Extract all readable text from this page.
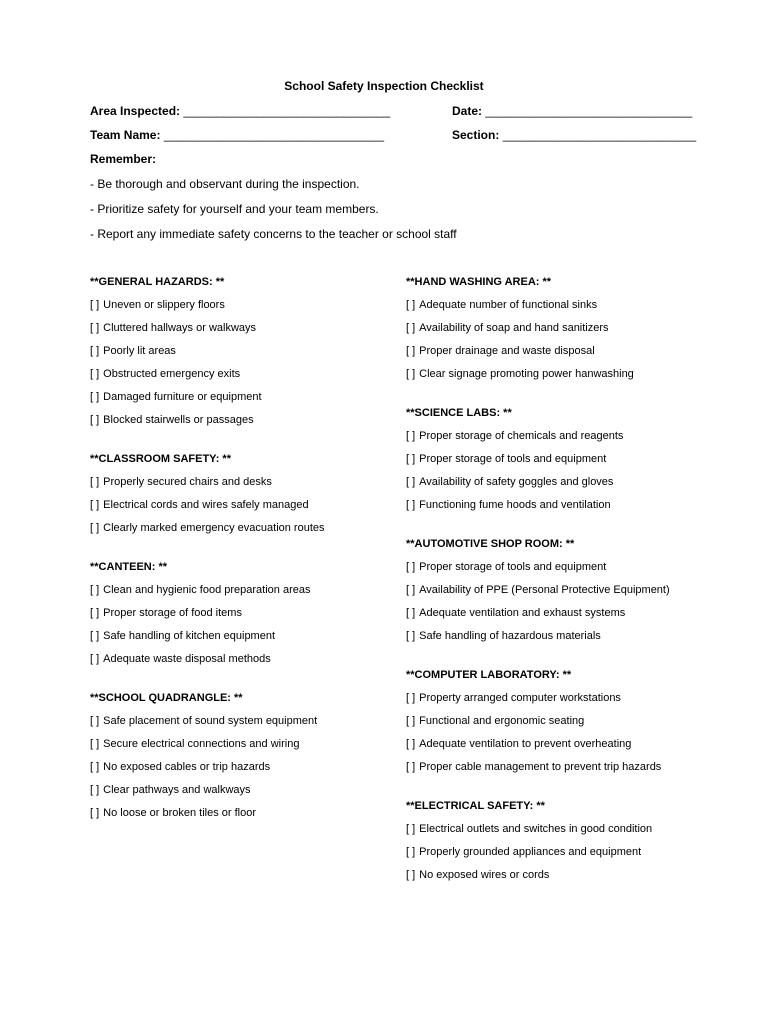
School Safety Inspection Checklist
Area Inspected: _______________________________	Date: _______________________________
Team Name: _________________________________	Section: _____________________________
Remember:
- Be thorough and observant during the inspection.
- Prioritize safety for yourself and your team members.
- Report any immediate safety concerns to the teacher or school staff
**GENERAL HAZARDS: **
[ ] Uneven or slippery floors
[ ] Cluttered hallways or walkways
[ ] Poorly lit areas
[ ] Obstructed emergency exits
[ ] Damaged furniture or equipment
[ ] Blocked stairwells or passages
**CLASSROOM SAFETY: **
[ ] Properly secured chairs and desks
[ ] Electrical cords and wires safely managed
[ ] Clearly marked emergency evacuation routes
**CANTEEN: **
[ ] Clean and hygienic food preparation areas
[ ] Proper storage of food items
[ ] Safe handling of kitchen equipment
[ ] Adequate waste disposal methods
**SCHOOL QUADRANGLE: **
[ ] Safe placement of sound system equipment
[ ] Secure electrical connections and wiring
[ ] No exposed cables or trip hazards
[ ] Clear pathways and walkways
[ ] No loose or broken tiles or floor
**HAND WASHING AREA: **
[ ] Adequate number of functional sinks
[ ] Availability of soap and hand sanitizers
[ ] Proper drainage and waste disposal
[ ] Clear signage promoting power hanwashing
**SCIENCE LABS: **
[ ] Proper storage of chemicals and reagents
[ ] Proper storage of tools and equipment
[ ] Availability of safety goggles and gloves
[ ] Functioning fume hoods and ventilation
**AUTOMOTIVE SHOP ROOM: **
[ ] Proper storage of tools and equipment
[ ] Availability of PPE (Personal Protective Equipment)
[ ] Adequate ventilation and exhaust systems
[ ] Safe handling of hazardous materials
**COMPUTER LABORATORY: **
[ ] Property arranged computer workstations
[ ] Functional and ergonomic seating
[ ] Adequate ventilation to prevent overheating
[ ] Proper cable management to prevent trip hazards
**ELECTRICAL SAFETY: **
[ ] Electrical outlets and switches in good condition
[ ] Properly grounded appliances and equipment
[ ] No exposed wires or cords
